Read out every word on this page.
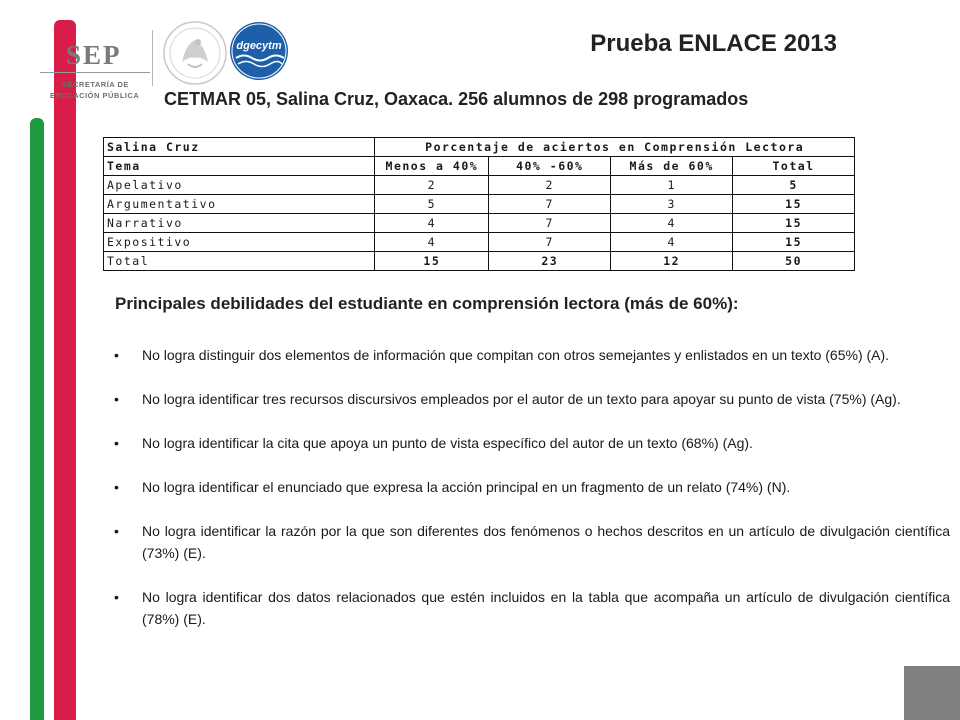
SEP
SECRETARÍA DE
EDUCACIÓN PÚBLICA
dgecytm	Prueba ENLACE 2013
CETMAR 05, Salina Cruz, Oaxaca. 256 alumnos de 298 programados
Salina Cruz	Porcentaje de aciertos en Comprensión Lectora			
Tema	Menos a 40%	40% -60%	Más de 60%	Total
Apelativo	2	2	1	5
Argumentativo	5	7	3	15
Narrativo	4	7	4	15
Expositivo	4	7	4	15
Total	15	23	12	50
Principales debilidades del estudiante en comprensión lectora (más de 60%):
• No logra distinguir dos elementos de información que compitan con otros semejantes y enlistados en un texto (65%) (A).
• No logra identificar tres recursos discursivos empleados por el autor de un texto para apoyar su punto de vista (75%) (Ag).
• No logra identificar la cita que apoya un punto de vista específico del autor de un texto (68%) (Ag).
• No logra identificar el enunciado que expresa la acción principal en un fragmento de un relato (74%) (N).
• No logra identificar la razón por la que son diferentes dos fenómenos o hechos descritos en un artículo de divulgación científica (73%) (E).
• No logra identificar dos datos relacionados que estén incluidos en la tabla que acompaña un artículo de divulgación científica (78%) (E).
